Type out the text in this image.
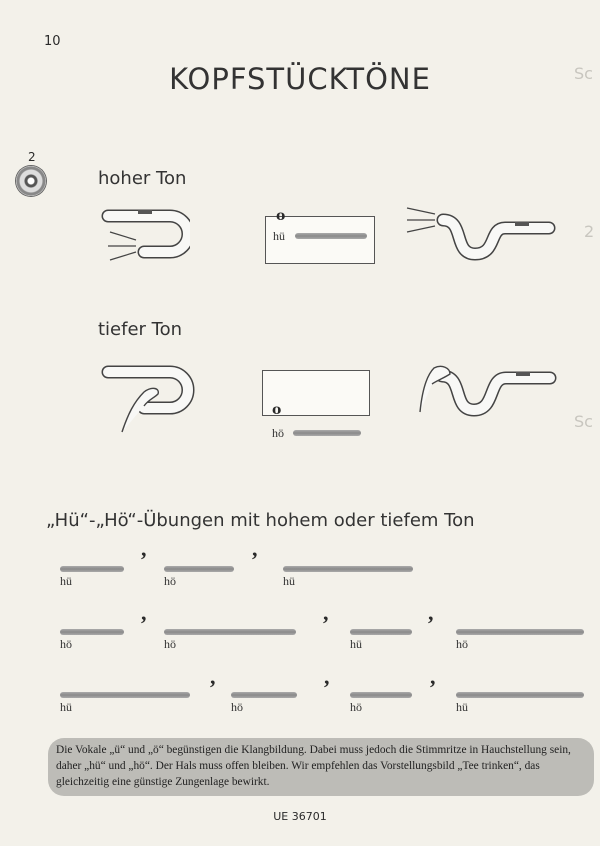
10
KOPFSTÜCKTÖNE
2
hoher Ton
o
hü
tiefer Ton
o
hö
„Hü“-„Hö“-Übungen mit hohem oder tiefem Ton
hü
,
hö
,
hü
hö
,
hö
,
hü
,
hö
hü
,
hö
,
hö
,
hü
Die Vokale „ü“ und „ö“ begünstigen die Klangbildung. Dabei muss jedoch die Stimmritze in Hauchstellung sein, daher „hü“ und „hö“. Der Hals muss offen bleiben. Wir empfehlen das Vorstellungsbild „Tee trinken“, das gleichzeitig eine günstige Zungenlage bewirkt.
UE 36701
Sc
2
Sc
